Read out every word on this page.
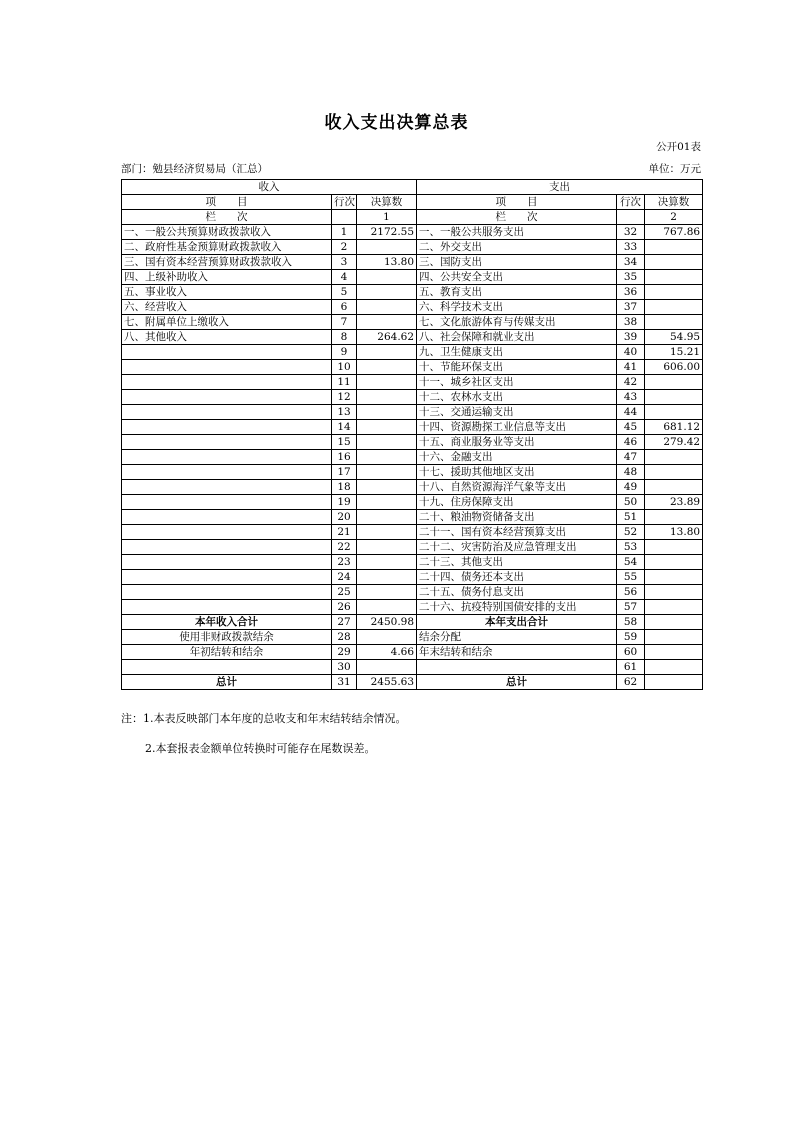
收入支出决算总表
公开01表
部门：勉县经济贸易局（汇总）	单位：万元
收入			支出		
项　　目	行次	决算数	项　　目	行次	决算数
栏　　次		1	栏　　次		2
一、一般公共预算财政拨款收入	1	2172.55	一、一般公共服务支出	32	767.86
二、政府性基金预算财政拨款收入	2		二、外交支出	33	
三、国有资本经营预算财政拨款收入	3	13.80	三、国防支出	34	
四、上级补助收入	4		四、公共安全支出	35	
五、事业收入	5		五、教育支出	36	
六、经营收入	6		六、科学技术支出	37	
七、附属单位上缴收入	7		七、文化旅游体育与传媒支出	38	
八、其他收入	8	264.62	八、社会保障和就业支出	39	54.95
	9		九、卫生健康支出	40	15.21
	10		十、节能环保支出	41	606.00
	11		十一、城乡社区支出	42	
	12		十二、农林水支出	43	
	13		十三、交通运输支出	44	
	14		十四、资源勘探工业信息等支出	45	681.12
	15		十五、商业服务业等支出	46	279.42
	16		十六、金融支出	47	
	17		十七、援助其他地区支出	48	
	18		十八、自然资源海洋气象等支出	49	
	19		十九、住房保障支出	50	23.89
	20		二十、粮油物资储备支出	51	
	21		二十一、国有资本经营预算支出	52	13.80
	22		二十二、灾害防治及应急管理支出	53	
	23		二十三、其他支出	54	
	24		二十四、债务还本支出	55	
	25		二十五、债务付息支出	56	
	26		二十六、抗疫特别国债安排的支出	57	
本年收入合计	27	2450.98	本年支出合计	58	
使用非财政拨款结余	28		结余分配	59	
年初结转和结余	29	4.66	年末结转和结余	60	
	30			61	
总计	31	2455.63	总计	62	
注：1.本表反映部门本年度的总收支和年末结转结余情况。
2.本套报表金额单位转换时可能存在尾数误差。
